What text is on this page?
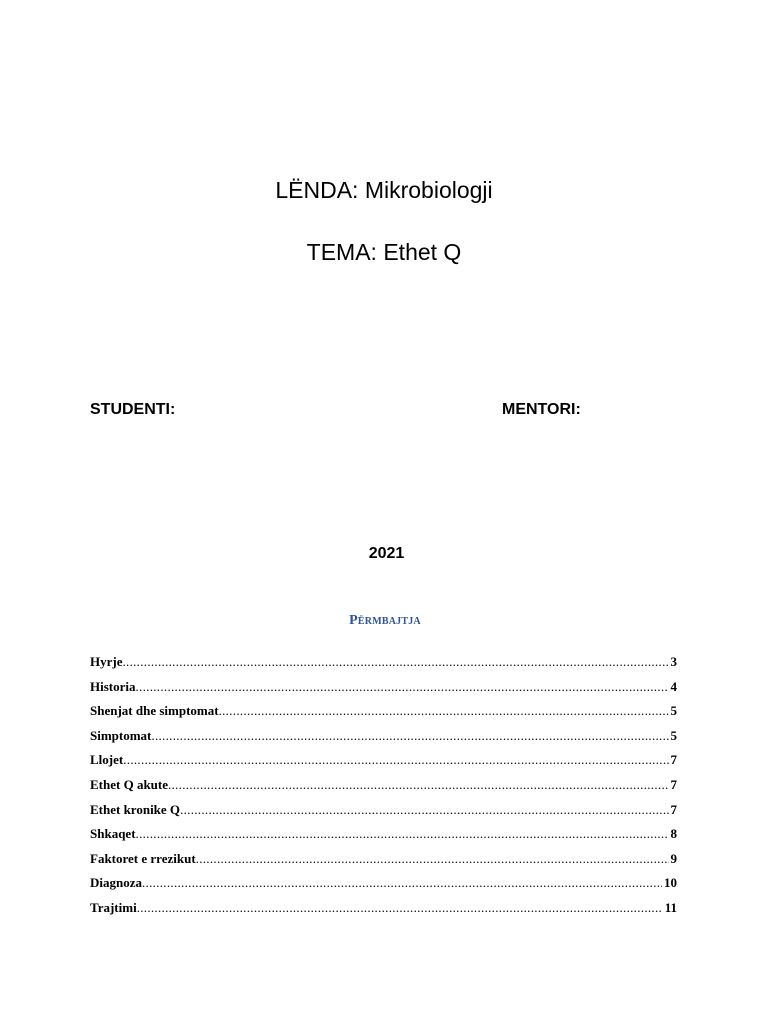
LËNDA: Mikrobiologji
TEMA: Ethet Q
STUDENTI:	MENTORI:
2021
Përmbajtja
Hyrje .....	3
Historia .....	4
Shenjat dhe simptomat .....	5
Simptomat .....	5
Llojet .....	7
Ethet Q akute .....	7
Ethet kronike Q .....	7
Shkaqet .....	8
Faktoret e rrezikut .....	9
Diagnoza .....	10
Trajtimi .....	11
